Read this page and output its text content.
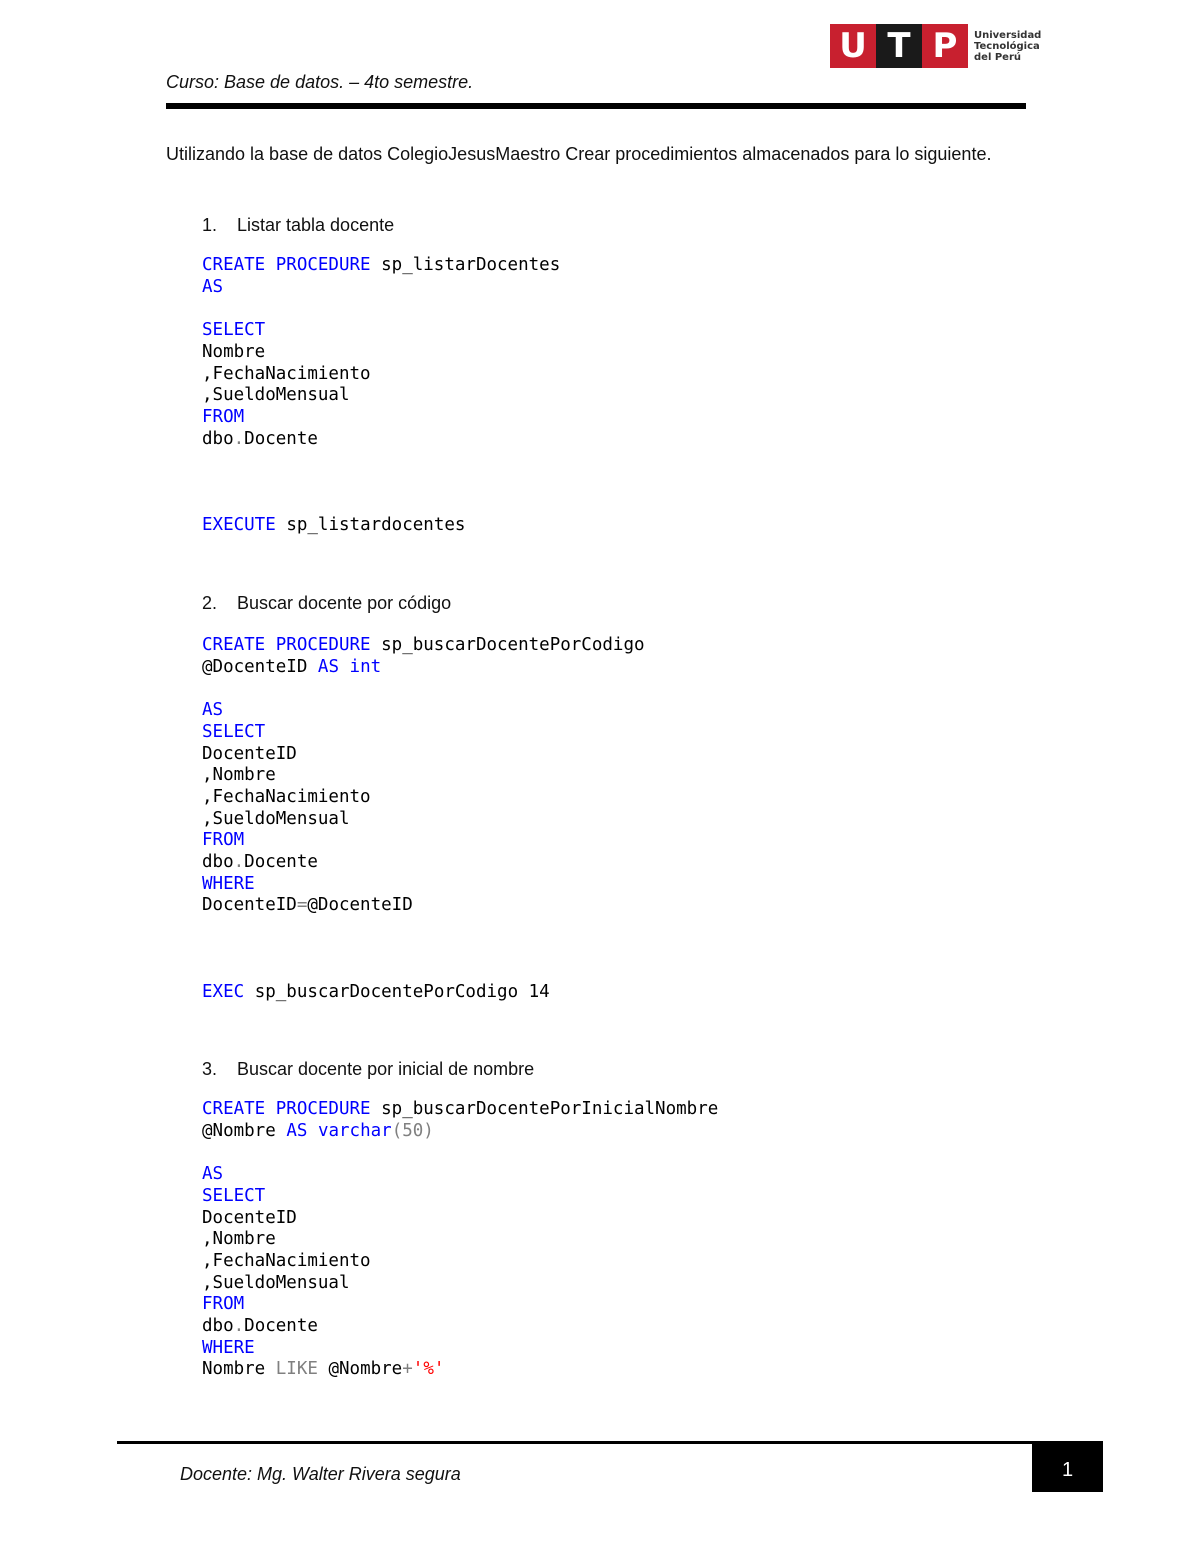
Curso: Base de datos. – 4to semestre.
U T P	Universidad
Tecnológica
del Perú
Utilizando la base de datos ColegioJesusMaestro Crear procedimientos almacenados para lo siguiente.
1. Listar tabla docente
CREATE PROCEDURE sp_listarDocentes
AS

SELECT
Nombre
,FechaNacimiento
,SueldoMensual
FROM
dbo.Docente

EXECUTE sp_listardocentes
2. Buscar docente por código
CREATE PROCEDURE sp_buscarDocentePorCodigo
@DocenteID AS int

AS
SELECT
DocenteID
,Nombre
,FechaNacimiento
,SueldoMensual
FROM
dbo.Docente
WHERE
DocenteID=@DocenteID

EXEC sp_buscarDocentePorCodigo 14
3. Buscar docente por inicial de nombre
CREATE PROCEDURE sp_buscarDocentePorInicialNombre
@Nombre AS varchar(50)

AS
SELECT
DocenteID
,Nombre
,FechaNacimiento
,SueldoMensual
FROM
dbo.Docente
WHERE
Nombre LIKE @Nombre+'%'
Docente: Mg. Walter Rivera segura	1
